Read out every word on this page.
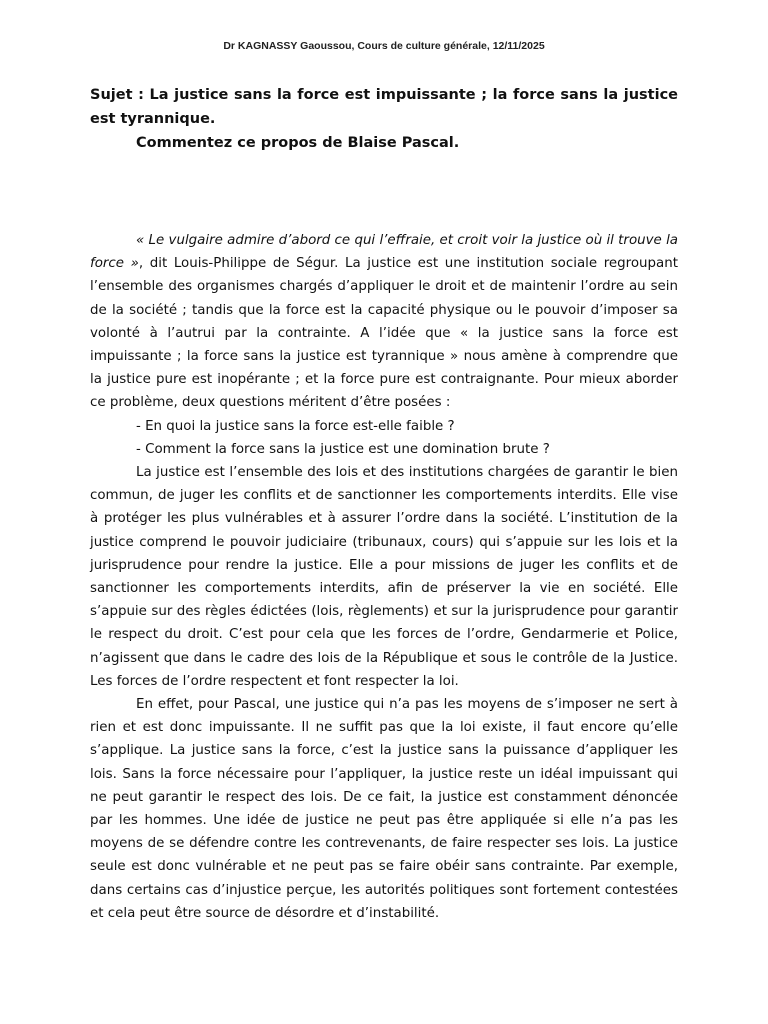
Dr KAGNASSY Gaoussou, Cours de culture générale, 12/11/2025
Sujet : La justice sans la force est impuissante ; la force sans la justice est tyrannique.
Commentez ce propos de Blaise Pascal.

« Le vulgaire admire d’abord ce qui l’effraie, et croit voir la justice où il trouve la force », dit Louis-Philippe de Ségur. La justice est une institution sociale regroupant l’ensemble des organismes chargés d’appliquer le droit et de maintenir l’ordre au sein de la société ; tandis que la force est la capacité physique ou le pouvoir d’imposer sa volonté à l’autrui par la contrainte. A l’idée que « la justice sans la force est impuissante ; la force sans la justice est tyrannique » nous amène à comprendre que la justice pure est inopérante ; et la force pure est contraignante. Pour mieux aborder ce problème, deux questions méritent d’être posées :

- En quoi la justice sans la force est-elle faible ?
- Comment la force sans la justice est une domination brute ?

La justice est l’ensemble des lois et des institutions chargées de garantir le bien commun, de juger les conflits et de sanctionner les comportements interdits. Elle vise à protéger les plus vulnérables et à assurer l’ordre dans la société. L’institution de la justice comprend le pouvoir judiciaire (tribunaux, cours) qui s’appuie sur les lois et la jurisprudence pour rendre la justice. Elle a pour missions de juger les conflits et de sanctionner les comportements interdits, afin de préserver la vie en société. Elle s’appuie sur des règles édictées (lois, règlements) et sur la jurisprudence pour garantir le respect du droit. C’est pour cela que les forces de l’ordre, Gendarmerie et Police, n’agissent que dans le cadre des lois de la République et sous le contrôle de la Justice. Les forces de l’ordre respectent et font respecter la loi.

En effet, pour Pascal, une justice qui n’a pas les moyens de s’imposer ne sert à rien et est donc impuissante. Il ne suffit pas que la loi existe, il faut encore qu’elle s’applique. La justice sans la force, c’est la justice sans la puissance d’appliquer les lois. Sans la force nécessaire pour l’appliquer, la justice reste un idéal impuissant qui ne peut garantir le respect des lois. De ce fait, la justice est constamment dénoncée par les hommes. Une idée de justice ne peut pas être appliquée si elle n’a pas les moyens de se défendre contre les contrevenants, de faire respecter ses lois. La justice seule est donc vulnérable et ne peut pas se faire obéir sans contrainte. Par exemple, dans certains cas d’injustice perçue, les autorités politiques sont fortement contestées et cela peut être source de désordre et d’instabilité.
